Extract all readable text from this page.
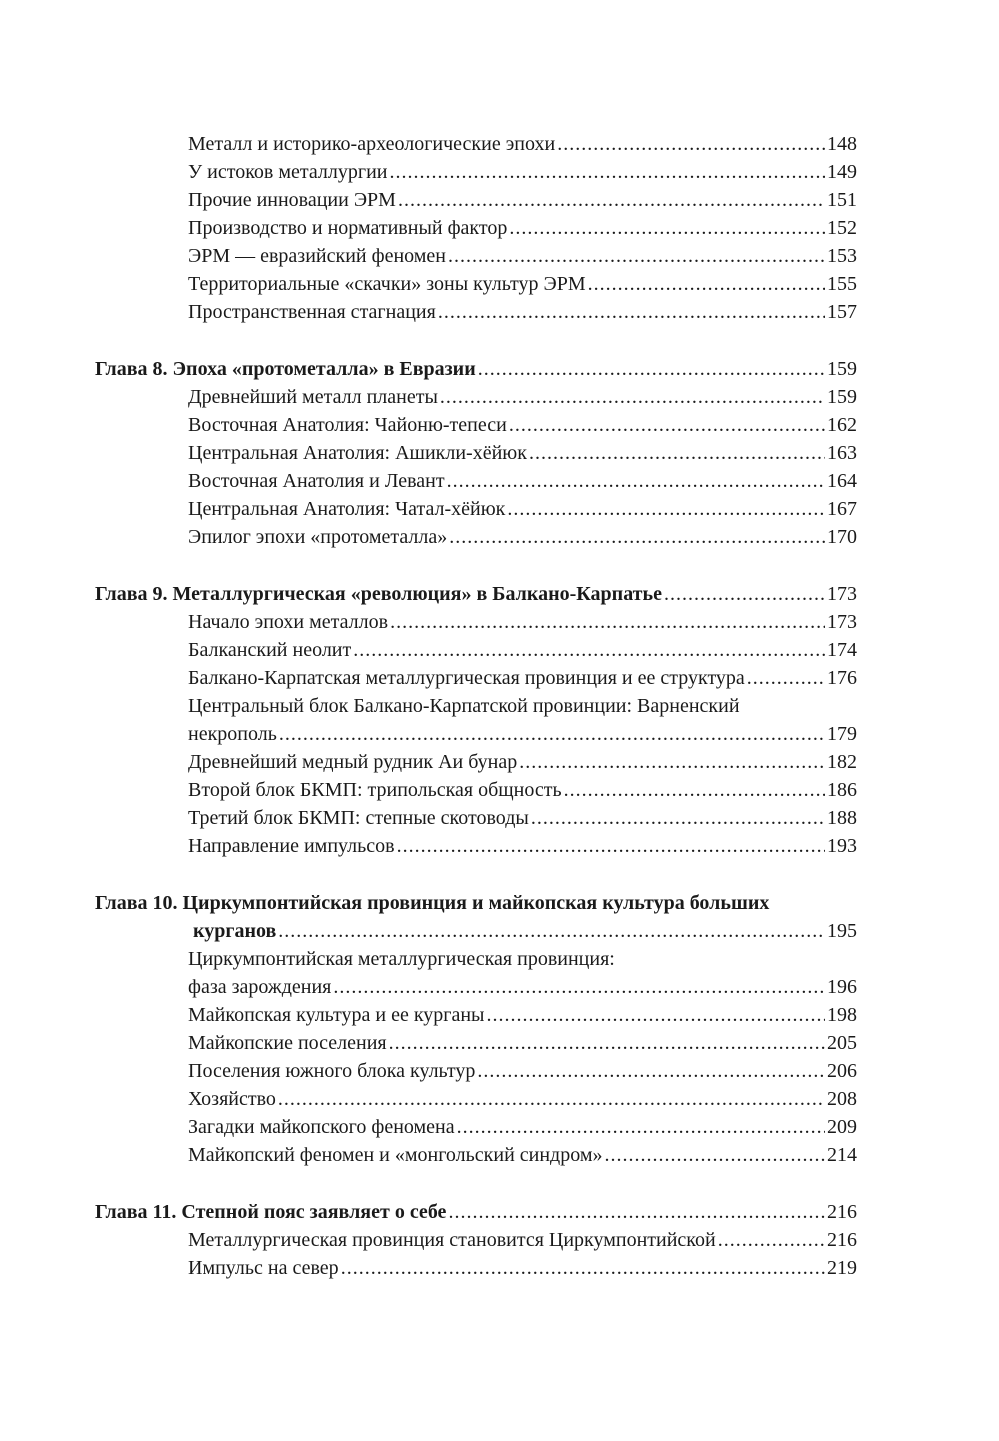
Металл и историко-археологические эпохи .....	148
У истоков металлургии .....	149
Прочие инновации ЭРМ .....	151
Производство и нормативный фактор .....	152
ЭРМ — евразийский феномен .....	153
Территориальные «скачки» зоны культур ЭРМ .....	155
Пространственная стагнация .....	157
Глава 8. Эпоха «протометалла» в Евразии .....	159
Древнейший металл планеты .....	159
Восточная Анатолия: Чайоню-тепеси .....	162
Центральная Анатолия: Ашикли-хёйюк .....	163
Восточная Анатолия и Левант .....	164
Центральная Анатолия: Чатал-хёйюк .....	167
Эпилог эпохи «протометалла» .....	170
Глава 9. Металлургическая «революция» в Балкано-Карпатье .....	173
Начало эпохи металлов .....	173
Балканский неолит .....	174
Балкано-Карпатская металлургическая провинция и ее структура .....	176
Центральный блок Балкано-Карпатской провинции: Варненский
некрополь .....	179
Древнейший медный рудник Аи бунар .....	182
Второй блок БКМП: трипольская общность .....	186
Третий блок БКМП: степные скотоводы .....	188
Направление импульсов .....	193
Глава 10. Циркумпонтийская провинция и майкопская культура больших
курганов .....	195
Циркумпонтийская металлургическая провинция:
фаза зарождения .....	196
Майкопская культура и ее курганы .....	198
Майкопские поселения .....	205
Поселения южного блока культур .....	206
Хозяйство .....	208
Загадки майкопского феномена .....	209
Майкопский феномен и «монгольский синдром» .....	214
Глава 11. Степной пояс заявляет о себе .....	216
Металлургическая провинция становится Циркумпонтийской .....	216
Импульс на север .....	219
